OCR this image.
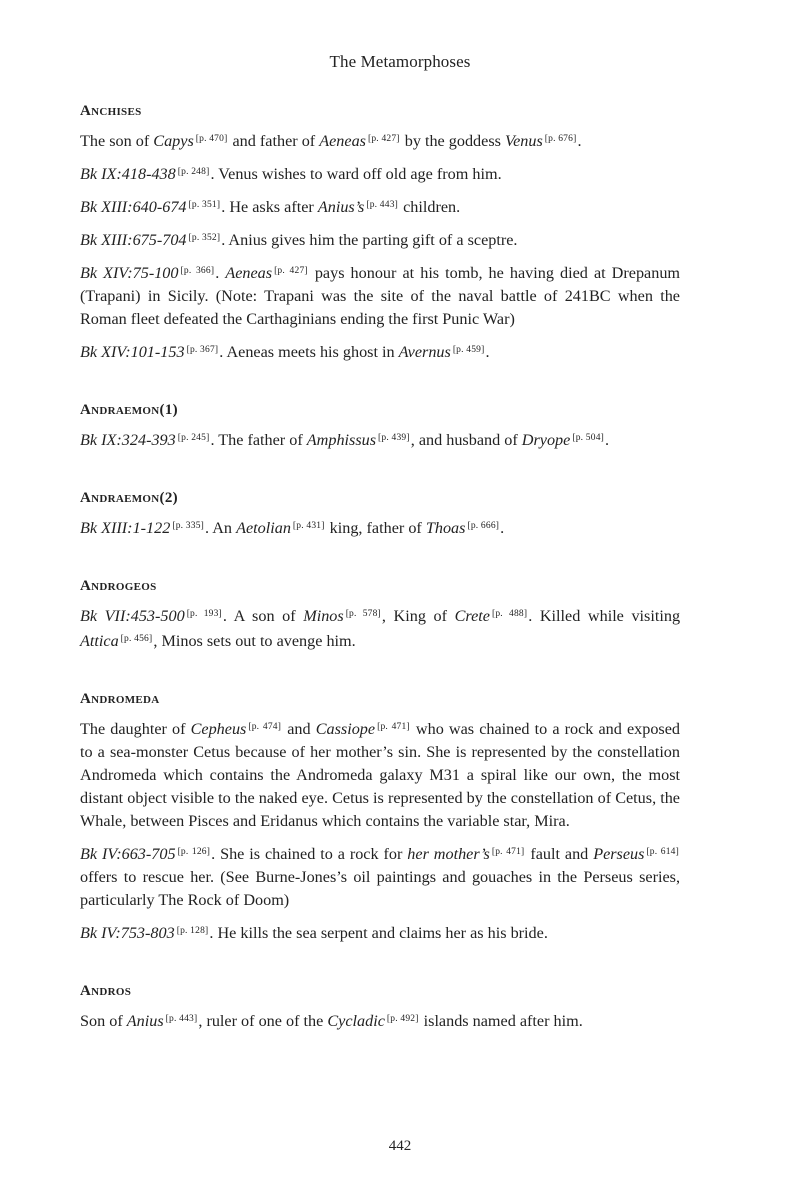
The Metamorphoses
Anchises

The son of Capys [p. 470] and father of Aeneas [p. 427] by the goddess Venus [p. 676].

Bk IX:418-438 [p. 248]. Venus wishes to ward off old age from him.

Bk XIII:640-674 [p. 351]. He asks after Anius’s [p. 443] children.

Bk XIII:675-704 [p. 352]. Anius gives him the parting gift of a sceptre.

Bk XIV:75-100 [p. 366]. Aeneas [p. 427] pays honour at his tomb, he having died at Drepanum (Trapani) in Sicily. (Note: Trapani was the site of the naval battle of 241BC when the Roman fleet defeated the Carthaginians ending the first Punic War)

Bk XIV:101-153 [p. 367]. Aeneas meets his ghost in Avernus [p. 459].

Andraemon(1)

Bk IX:324-393 [p. 245]. The father of Amphissus [p. 439], and husband of Dryope [p. 504].

Andraemon(2)

Bk XIII:1-122 [p. 335]. An Aetolian [p. 431] king, father of Thoas [p. 666].

Androgeos

Bk VII:453-500 [p. 193]. A son of Minos [p. 578], King of Crete [p. 488]. Killed while visiting Attica [p. 456], Minos sets out to avenge him.

Andromeda

The daughter of Cepheus [p. 474] and Cassiope [p. 471] who was chained to a rock and exposed to a sea-monster Cetus because of her mother’s sin. She is represented by the constellation Andromeda which contains the Andromeda galaxy M31 a spiral like our own, the most distant object visible to the naked eye. Cetus is represented by the constellation of Cetus, the Whale, between Pisces and Eridanus which contains the variable star, Mira.

Bk IV:663-705 [p. 126]. She is chained to a rock for her mother’s [p. 471] fault and Perseus [p. 614] offers to rescue her. (See Burne-Jones’s oil paintings and gouaches in the Perseus series, particularly The Rock of Doom)

Bk IV:753-803 [p. 128]. He kills the sea serpent and claims her as his bride.

Andros

Son of Anius [p. 443], ruler of one of the Cycladic [p. 492] islands named after him.

442
